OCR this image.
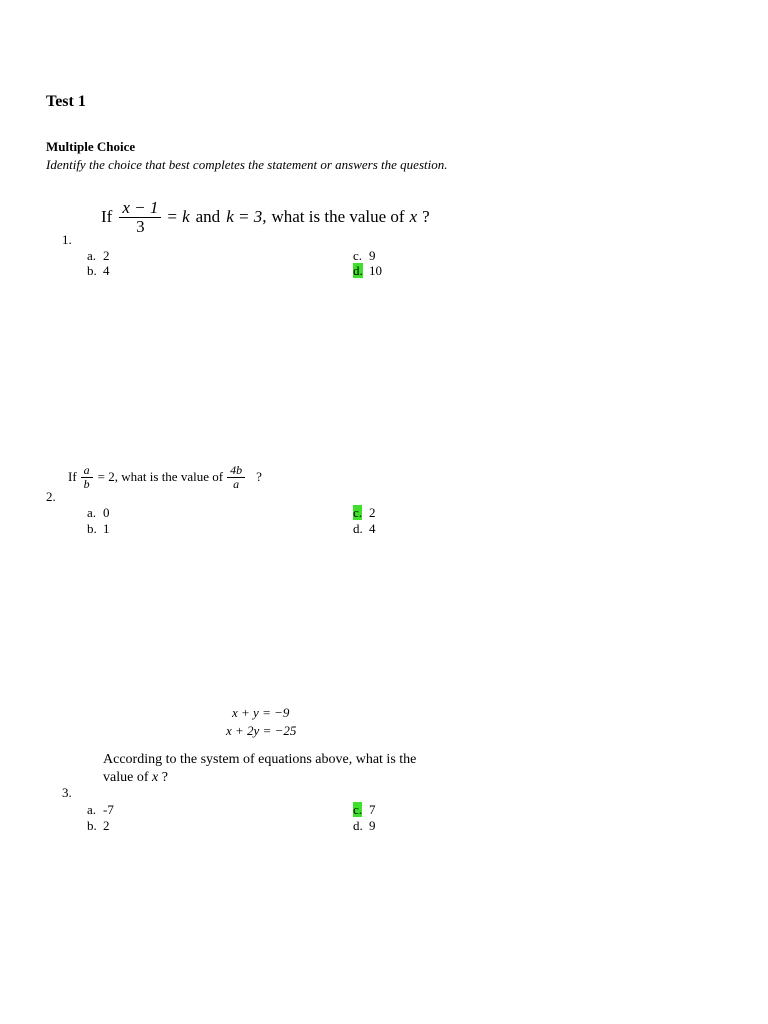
Test 1
Multiple Choice
Identify the choice that best completes the statement or answers the question.
If $\frac{x - 1}{3} = k$ and k = 3, what is the value of x ?
1.
a. 2
b. 4
c. 9
d. 10
If $\frac{a}{b} = 2$, what is the value of $\frac{4b}{a}$ ?
2.
a. 0
b. 1
c. 2
d. 4
x + y = −9
x + 2y = −25
According to the system of equations above, what is the value of x ?
3.
a. -7
b. 2
c. 7
d. 9
